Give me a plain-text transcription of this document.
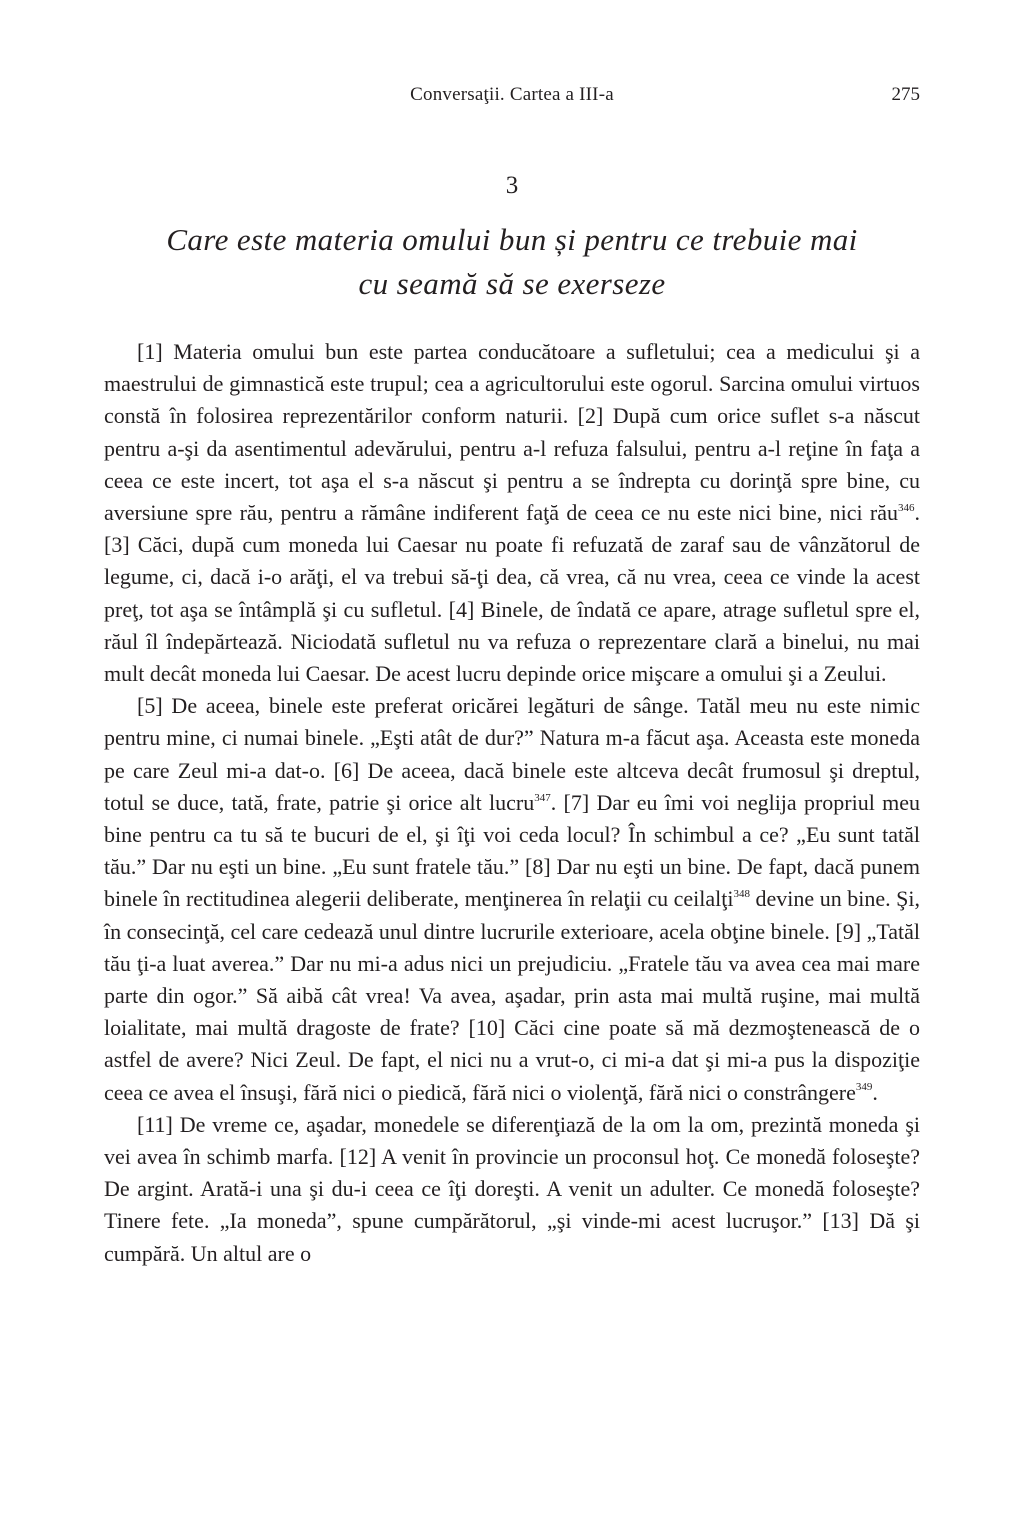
Conversaţii. Cartea a III-a	275
3
Care este materia omului bun și pentru ce trebuie mai
cu seamă să se exerseze

[1] Materia omului bun este partea conducătoare a sufletului; cea a medicului şi a maestrului de gimnastică este trupul; cea a agricultorului este ogorul. Sarcina omului virtuos constă în folosirea reprezentărilor conform naturii. [2] După cum orice suflet s-a născut pentru a-şi da asentimentul adevărului, pentru a-l refuza falsului, pentru a-l reţine în faţa a ceea ce este incert, tot aşa el s-a născut şi pentru a se îndrepta cu dorinţă spre bine, cu aversiune spre rău, pentru a rămâne indiferent faţă de ceea ce nu este nici bine, nici rău$^{346}$. [3] Căci, după cum moneda lui Caesar nu poate fi refuzată de zaraf sau de vânzătorul de legume, ci, dacă i-o arăţi, el va trebui să-ţi dea, că vrea, că nu vrea, ceea ce vinde la acest preţ, tot aşa se întâmplă şi cu sufletul. [4] Binele, de îndată ce apare, atrage sufletul spre el, răul îl îndepărtează. Niciodată sufletul nu va refuza o reprezentare clară a binelui, nu mai mult decât moneda lui Caesar. De acest lucru depinde orice mişcare a omului şi a Zeului.

[5] De aceea, binele este preferat oricărei legături de sânge. Tatăl meu nu este nimic pentru mine, ci numai binele. „Eşti atât de dur?” Natura m-a făcut aşa. Aceasta este moneda pe care Zeul mi-a dat-o. [6] De aceea, dacă binele este altceva decât frumosul şi dreptul, totul se duce, tată, frate, patrie şi orice alt lucru$^{347}$. [7] Dar eu îmi voi neglija propriul meu bine pentru ca tu să te bucuri de el, şi îţi voi ceda locul? În schimbul a ce? „Eu sunt tatăl tău.” Dar nu eşti un bine. „Eu sunt fratele tău.” [8] Dar nu eşti un bine. De fapt, dacă punem binele în rectitudinea alegerii deliberate, menţinerea în relaţii cu ceilalţi$^{348}$ devine un bine. Şi, în consecinţă, cel care cedează unul dintre lucrurile exterioare, acela obţine binele. [9] „Tatăl tău ţi-a luat averea.” Dar nu mi-a adus nici un prejudiciu. „Fratele tău va avea cea mai mare parte din ogor.” Să aibă cât vrea! Va avea, aşadar, prin asta mai multă ruşine, mai multă loialitate, mai multă dragoste de frate? [10] Căci cine poate să mă dezmoştenească de o astfel de avere? Nici Zeul. De fapt, el nici nu a vrut-o, ci mi-a dat şi mi-a pus la dispoziţie ceea ce avea el însuşi, fără nici o piedică, fără nici o violenţă, fără nici o constrângere$^{349}$.

[11] De vreme ce, aşadar, monedele se diferenţiază de la om la om, prezintă moneda şi vei avea în schimb marfa. [12] A venit în provincie un proconsul hoţ. Ce monedă foloseşte? De argint. Arată-i una şi du-i ceea ce îţi doreşti. A venit un adulter. Ce monedă foloseşte? Tinere fete. „Ia moneda”, spune cumpărătorul, „şi vinde-mi acest lucruşor.” [13] Dă şi cumpără. Un altul are o
